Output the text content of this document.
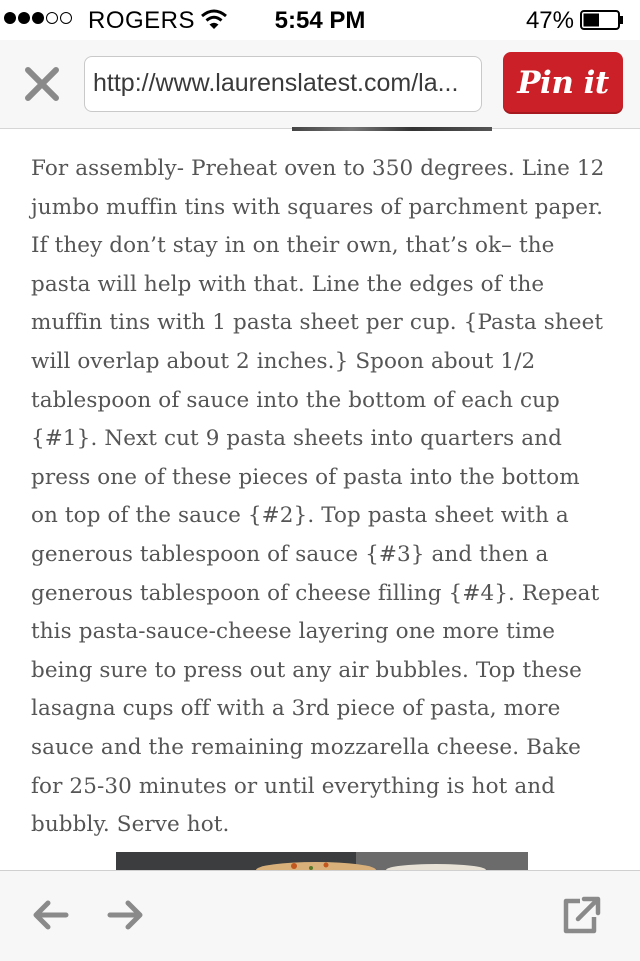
ROGERS	5:54 PM	47%
http://www.laurenslatest.com/la...	Pin it

For assembly- Preheat oven to 350 degrees. Line 12 jumbo muffin tins with squares of parchment paper. If they don’t stay in on their own, that’s ok– the pasta will help with that. Line the edges of the muffin tins with 1 pasta sheet per cup. {Pasta sheet will overlap about 2 inches.} Spoon about 1/2 tablespoon of sauce into the bottom of each cup {#1}. Next cut 9 pasta sheets into quarters and press one of these pieces of pasta into the bottom on top of the sauce {#2}. Top pasta sheet with a generous tablespoon of sauce {#3} and then a generous tablespoon of cheese filling {#4}. Repeat this pasta-sauce-cheese layering one more time being sure to press out any air bubbles. Top these lasagna cups off with a 3rd piece of pasta, more sauce and the remaining mozzarella cheese. Bake for 25-30 minutes or until everything is hot and bubbly. Serve hot.
